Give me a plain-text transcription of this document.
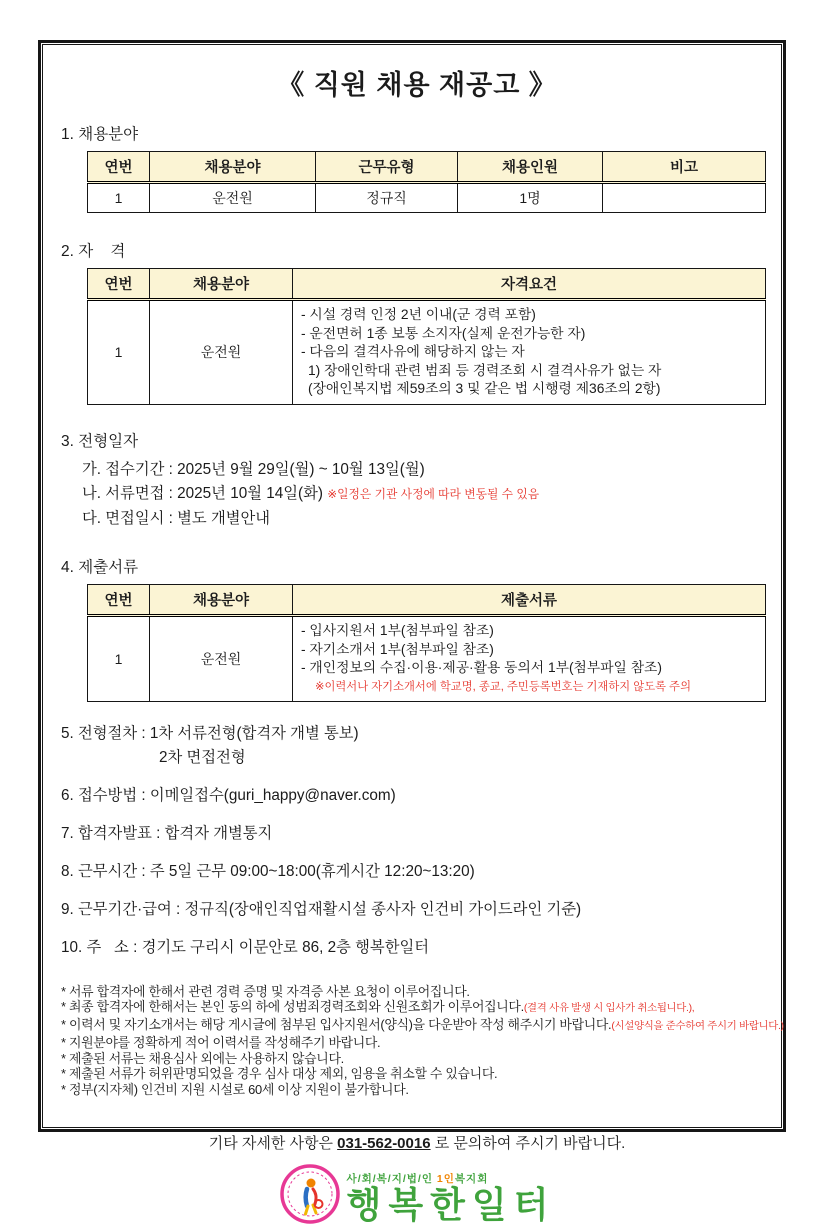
《 직원 채용 재공고 》
1. 채용분야
연번	채용분야	근무유형	채용인원	비고
1	운전원	정규직	1명	
2. 자    격
연번	채용분야	자격요건
1	운전원	- 시설 경력 인정 2년 이내(군 경력 포함)
- 운전면허 1종 보통 소지자(실제 운전가능한 자)
- 다음의 결격사유에 해당하지 않는 자
1) 장애인학대 관련 범죄 등 경력조회 시 결격사유가 없는 자
(장애인복지법 제59조의 3 및 같은 법 시행령 제36조의 2항)
3. 전형일자
가. 접수기간 : 2025년 9월 29일(월) ~ 10월 13일(월)
나. 서류면접 : 2025년 10월 14일(화) ※일정은 기관 사정에 따라 변동될 수 있음
다. 면접일시 : 별도 개별안내
4. 제출서류
연번	채용분야	제출서류
1	운전원	- 입사지원서 1부(첨부파일 참조)
- 자기소개서 1부(첨부파일 참조)
- 개인정보의 수집·이용·제공·활용 동의서 1부(첨부파일 참조)
※이력서나 자기소개서에 학교명, 종교, 주민등록번호는 기재하지 않도록 주의
5. 전형절차 : 1차 서류전형(합격자 개별 통보)
2차 면접전형
6. 접수방법 : 이메일접수(guri_happy@naver.com)
7. 합격자발표 : 합격자 개별통지
8. 근무시간 : 주 5일 근무 09:00~18:00(휴게시간 12:20~13:20)
9. 근무기간·급여 : 정규직(장애인직업재활시설 종사자 인건비 가이드라인 기준)
10. 주   소 : 경기도 구리시 이문안로 86, 2층 행복한일터
* 서류 합격자에 한해서 관련 경력 증명 및 자격증 사본 요청이 이루어집니다.
* 최종 합격자에 한해서는 본인 동의 하에 성범죄경력조회와 신원조회가 이루어집니다.(결격 사유 발생 시 입사가 취소됩니다.),
* 이력서 및 자기소개서는 해당 게시글에 첨부된 입사지원서(양식)을 다운받아 작성 해주시기 바랍니다.(시설양식을 준수하여 주시기 바랍니다.)
* 지원분야를 정확하게 적어 이력서를 작성해주기 바랍니다.
* 제출된 서류는 채용심사 외에는 사용하지 않습니다.
* 제출된 서류가 허위판명되었을 경우 심사 대상 제외, 임용을 취소할 수 있습니다.
* 정부(지자체) 인건비 지원 시설로 60세 이상 지원이 불가합니다.
기타 자세한 사항은 031-562-0016 로 문의하여 주시기 바랍니다.
사/회/복/지/법/인 1인복지회
행복한일터
